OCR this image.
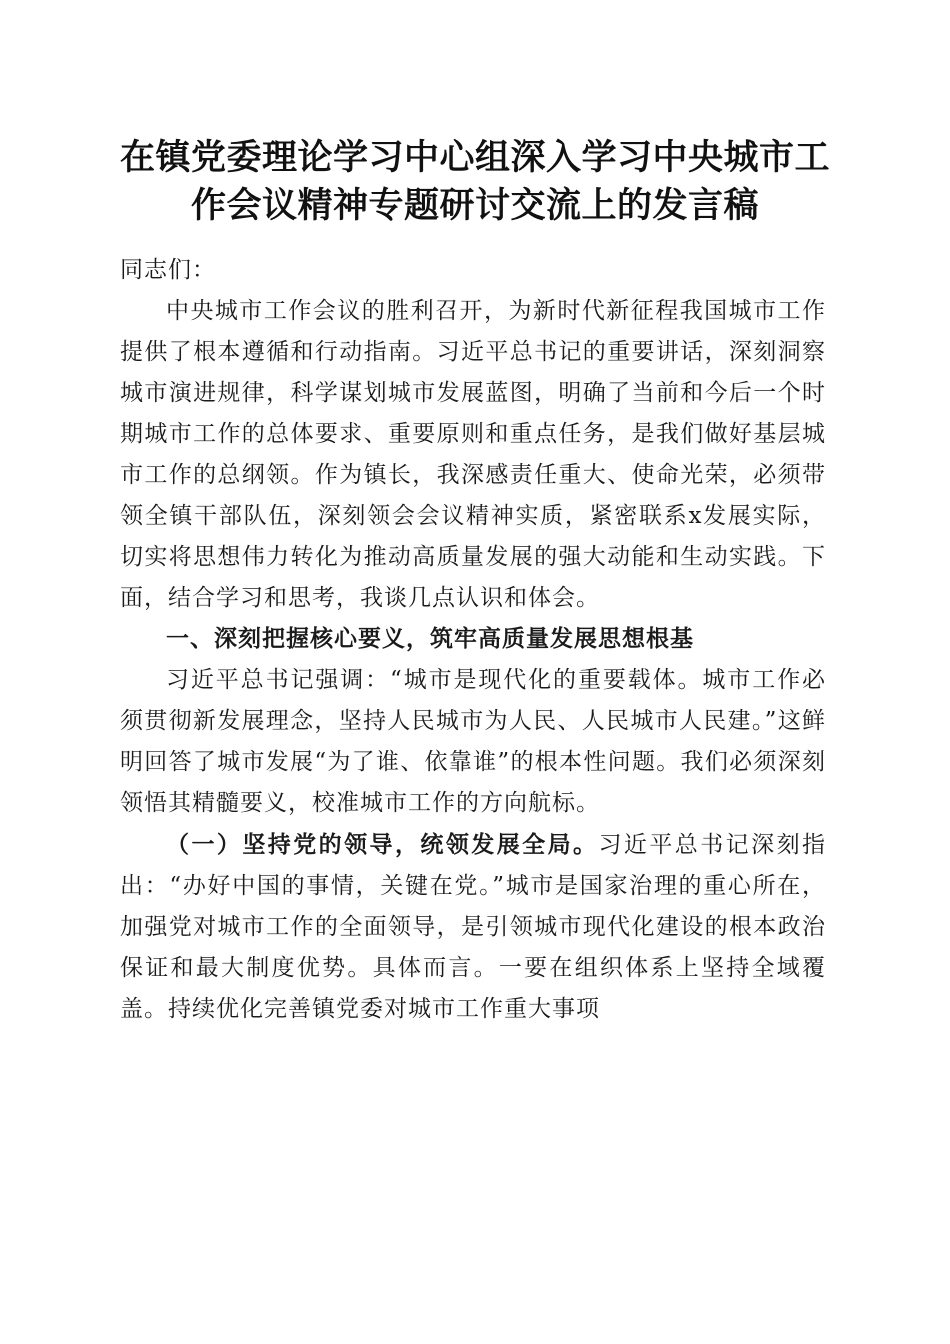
在镇党委理论学习中心组深入学习中央城市工
作会议精神专题研讨交流上的发言稿

同志们：

中央城市工作会议的胜利召开，为新时代新征程我国城市工作提供了根本遵循和行动指南。习近平总书记的重要讲话，深刻洞察城市演进规律，科学谋划城市发展蓝图，明确了当前和今后一个时期城市工作的总体要求、重要原则和重点任务，是我们做好基层城市工作的总纲领。作为镇长，我深感责任重大、使命光荣，必须带领全镇干部队伍，深刻领会会议精神实质，紧密联系x发展实际，切实将思想伟力转化为推动高质量发展的强大动能和生动实践。下面，结合学习和思考，我谈几点认识和体会。

一、深刻把握核心要义，筑牢高质量发展思想根基

习近平总书记强调：“城市是现代化的重要载体。城市工作必须贯彻新发展理念，坚持人民城市为人民、人民城市人民建。”这鲜明回答了城市发展“为了谁、依靠谁”的根本性问题。我们必须深刻领悟其精髓要义，校准城市工作的方向航标。

（一）坚持党的领导，统领发展全局。习近平总书记深刻指出：“办好中国的事情，关键在党。”城市是国家治理的重心所在，加强党对城市工作的全面领导，是引领城市现代化建设的根本政治保证和最大制度优势。具体而言。一要在组织体系上坚持全域覆盖。持续优化完善镇党委对城市工作重大事项
